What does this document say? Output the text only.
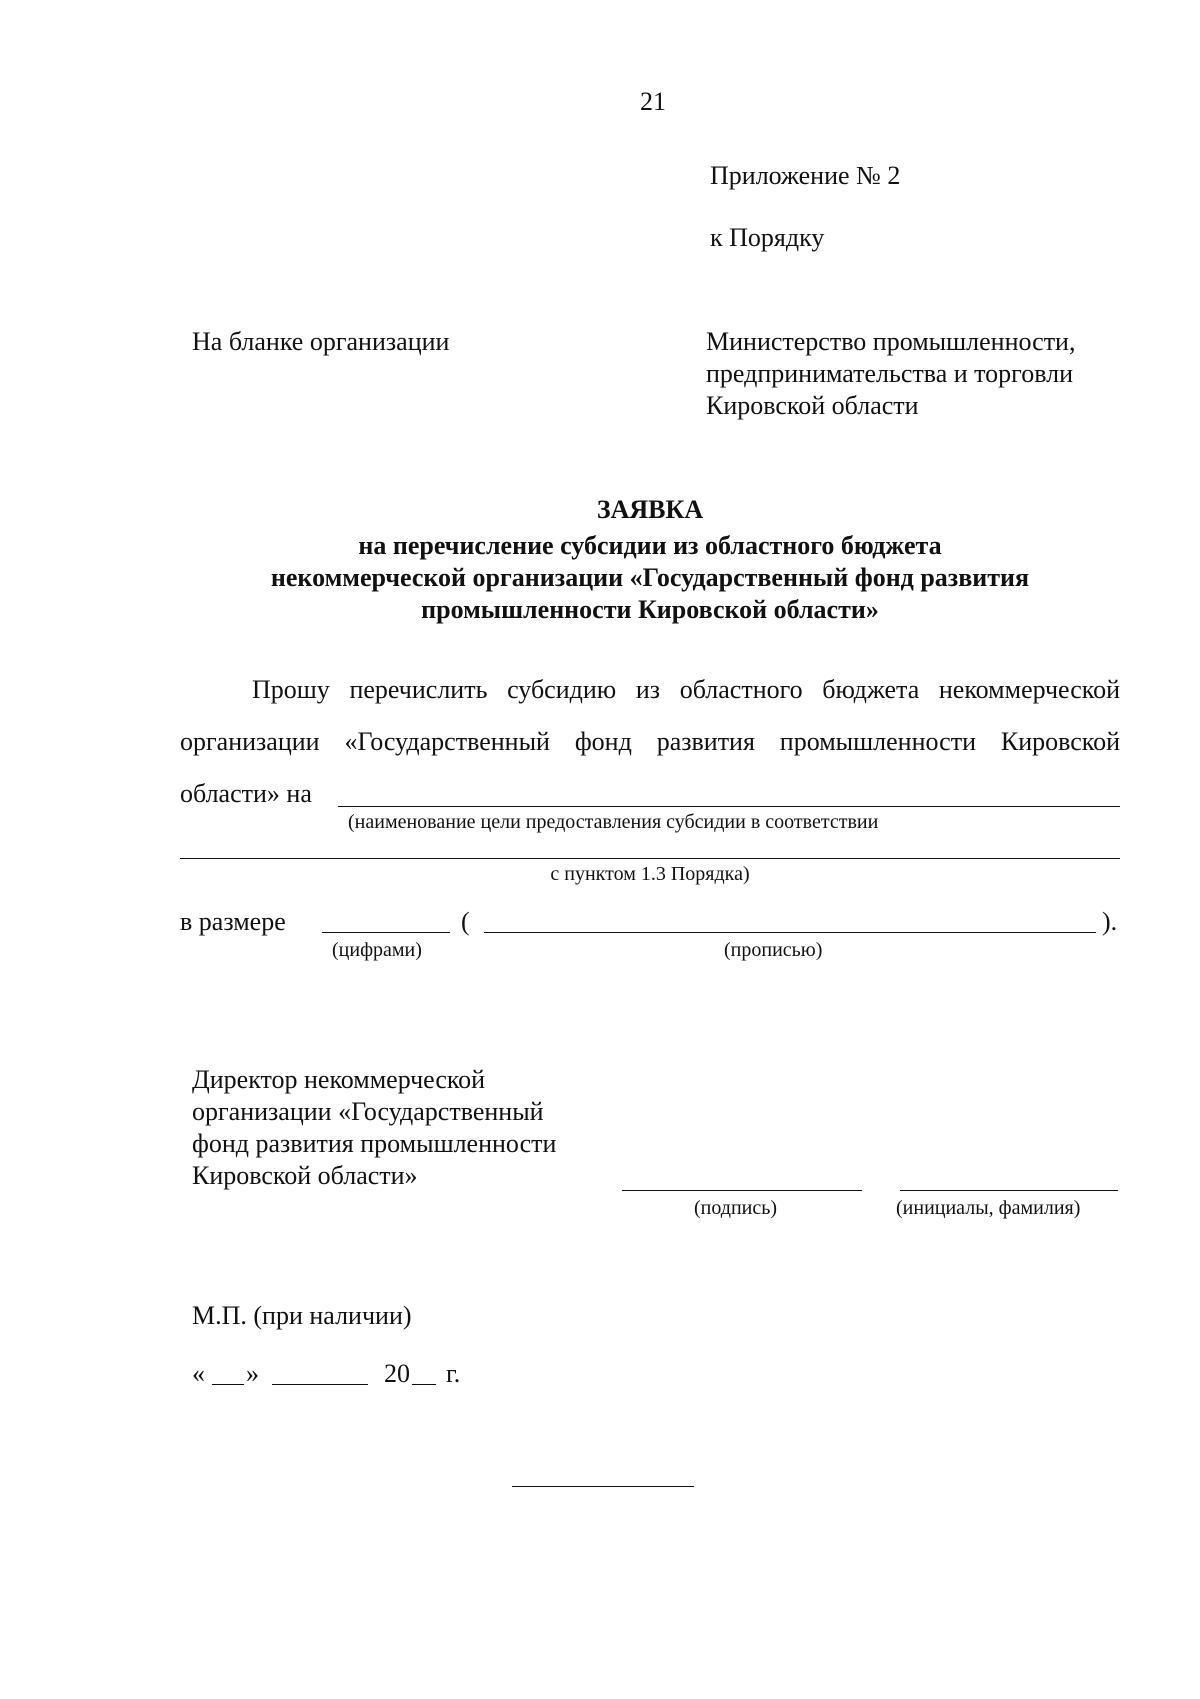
21
Приложение № 2
к Порядку
На бланке организации	Министерство промышленности,
предпринимательства и торговли
Кировской области
ЗАЯВКА
на перечисление субсидии из областного бюджета
некоммерческой организации «Государственный фонд развития
промышленности Кировской области»
Прошу перечислить субсидию из областного бюджета некоммерческой
организации «Государственный фонд развития промышленности Кировской
области» на
(наименование цели предоставления субсидии в соответствии
с пунктом 1.3 Порядка)
в размере	(	).
(цифрами)	(прописью)
Директор некоммерческой
организации «Государственный
фонд развития промышленности
Кировской области»
(подпись)	(инициалы, фамилия)
М.П. (при наличии)
« »	20 г.
